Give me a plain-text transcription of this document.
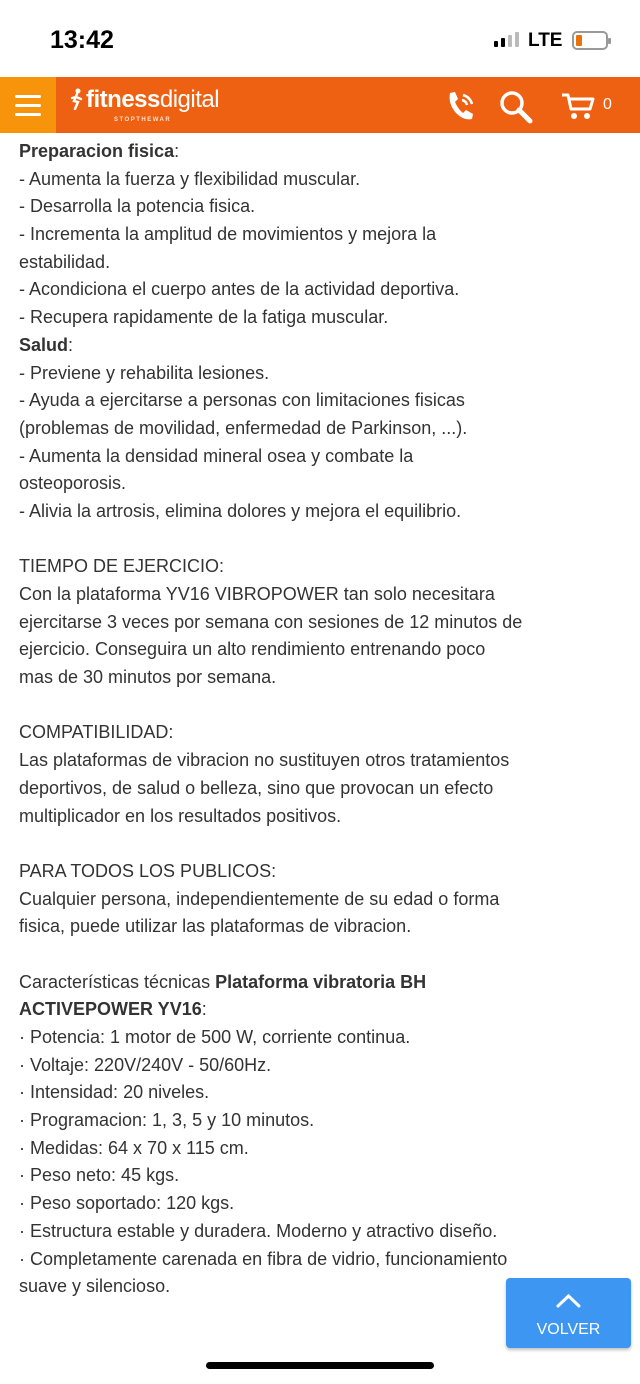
13:42	LTE
fitnessdigital
STOPTHEWAR
0
Preparacion fisica:
- Aumenta la fuerza y flexibilidad muscular.
- Desarrolla la potencia fisica.
- Incrementa la amplitud de movimientos y mejora la
estabilidad.
- Acondiciona el cuerpo antes de la actividad deportiva.
- Recupera rapidamente de la fatiga muscular.
Salud:
- Previene y rehabilita lesiones.
- Ayuda a ejercitarse a personas con limitaciones fisicas
(problemas de movilidad, enfermedad de Parkinson, ...).
- Aumenta la densidad mineral osea y combate la
osteoporosis.
- Alivia la artrosis, elimina dolores y mejora el equilibrio.
TIEMPO DE EJERCICIO:
Con la plataforma YV16 VIBROPOWER tan solo necesitara
ejercitarse 3 veces por semana con sesiones de 12 minutos de
ejercicio. Conseguira un alto rendimiento entrenando poco
mas de 30 minutos por semana.
COMPATIBILIDAD:
Las plataformas de vibracion no sustituyen otros tratamientos
deportivos, de salud o belleza, sino que provocan un efecto
multiplicador en los resultados positivos.
PARA TODOS LOS PUBLICOS:
Cualquier persona, independientemente de su edad o forma
fisica, puede utilizar las plataformas de vibracion.
Características técnicas Plataforma vibratoria BH
ACTIVEPOWER YV16:
· Potencia: 1 motor de 500 W, corriente continua.
· Voltaje: 220V/240V - 50/60Hz.
· Intensidad: 20 niveles.
· Programacion: 1, 3, 5 y 10 minutos.
· Medidas: 64 x 70 x 115 cm.
· Peso neto: 45 kgs.
· Peso soportado: 120 kgs.
· Estructura estable y duradera. Moderno y atractivo diseño.
· Completamente carenada en fibra de vidrio, funcionamiento
suave y silencioso.
VOLVER
